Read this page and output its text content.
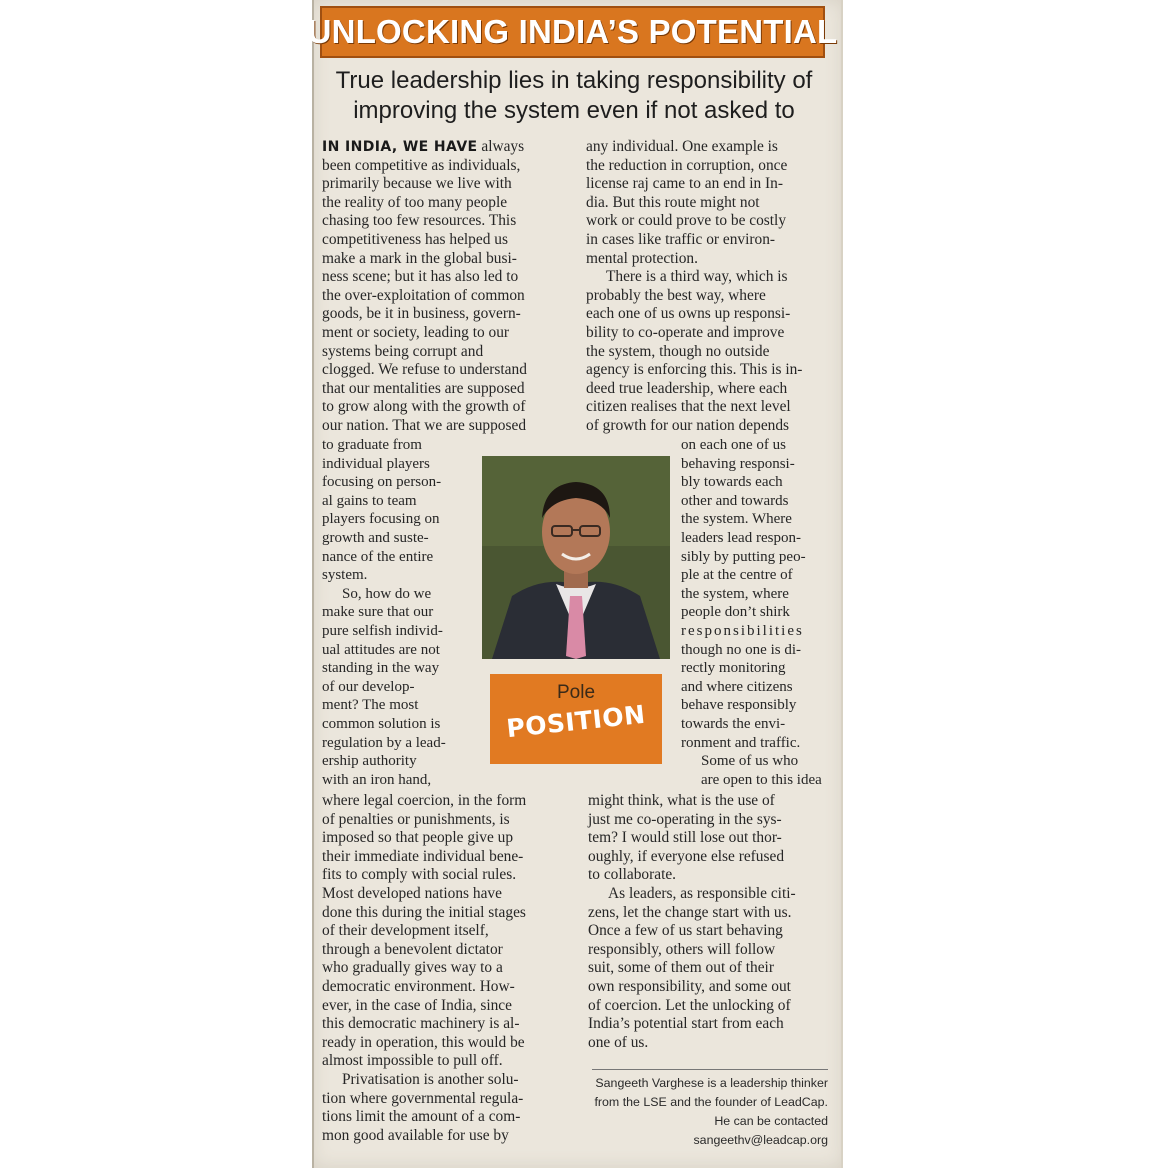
UNLOCKING INDIA’S POTENTIAL
True leadership lies in taking responsibility of
improving the system even if not asked to
IN INDIA, WE HAVE always
been competitive as individuals,
primarily because we live with
the reality of too many people
chasing too few resources. This
competitiveness has helped us
make a mark in the global busi-
ness scene; but it has also led to
the over-exploitation of common
goods, be it in business, govern-
ment or society, leading to our
systems being corrupt and
clogged. We refuse to understand
that our mentalities are supposed
to grow along with the growth of
our nation. That we are supposed
to graduate from
individual players
focusing on person-
al gains to team
players focusing on
growth and suste-
nance of the entire
system.
So, how do we
make sure that our
pure selfish individ-
ual attitudes are not
standing in the way
of our develop-
ment? The most
common solution is
regulation by a lead-
ership authority
with an iron hand,
where legal coercion, in the form
of penalties or punishments, is
imposed so that people give up
their immediate individual bene-
fits to comply with social rules.
Most developed nations have
done this during the initial stages
of their development itself,
through a benevolent dictator
who gradually gives way to a
democratic environment. How-
ever, in the case of India, since
this democratic machinery is al-
ready in operation, this would be
almost impossible to pull off.
Privatisation is another solu-
tion where governmental regula-
tions limit the amount of a com-
mon good available for use by
any individual. One example is
the reduction in corruption, once
license raj came to an end in In-
dia. But this route might not
work or could prove to be costly
in cases like traffic or environ-
mental protection.
There is a third way, which is
probably the best way, where
each one of us owns up responsi-
bility to co-operate and improve
the system, though no outside
agency is enforcing this. This is in-
deed true leadership, where each
citizen realises that the next level
of growth for our nation depends
on each one of us
behaving responsi-
bly towards each
other and towards
the system. Where
leaders lead respon-
sibly by putting peo-
ple at the centre of
the system, where
people don’t shirk
responsibilities
though no one is di-
rectly monitoring
and where citizens
behave responsibly
towards the envi-
ronment and traffic.
Some of us who
are open to this idea
might think, what is the use of
just me co-operating in the sys-
tem? I would still lose out thor-
oughly, if everyone else refused
to collaborate.
As leaders, as responsible citi-
zens, let the change start with us.
Once a few of us start behaving
responsibly, others will follow
suit, some of them out of their
own responsibility, and some out
of coercion. Let the unlocking of
India’s potential start from each
one of us.
Pole
POSITION
Sangeeth Varghese is a leadership thinker
from the LSE and the founder of LeadCap.
He can be contacted
sangeethv@leadcap.org
